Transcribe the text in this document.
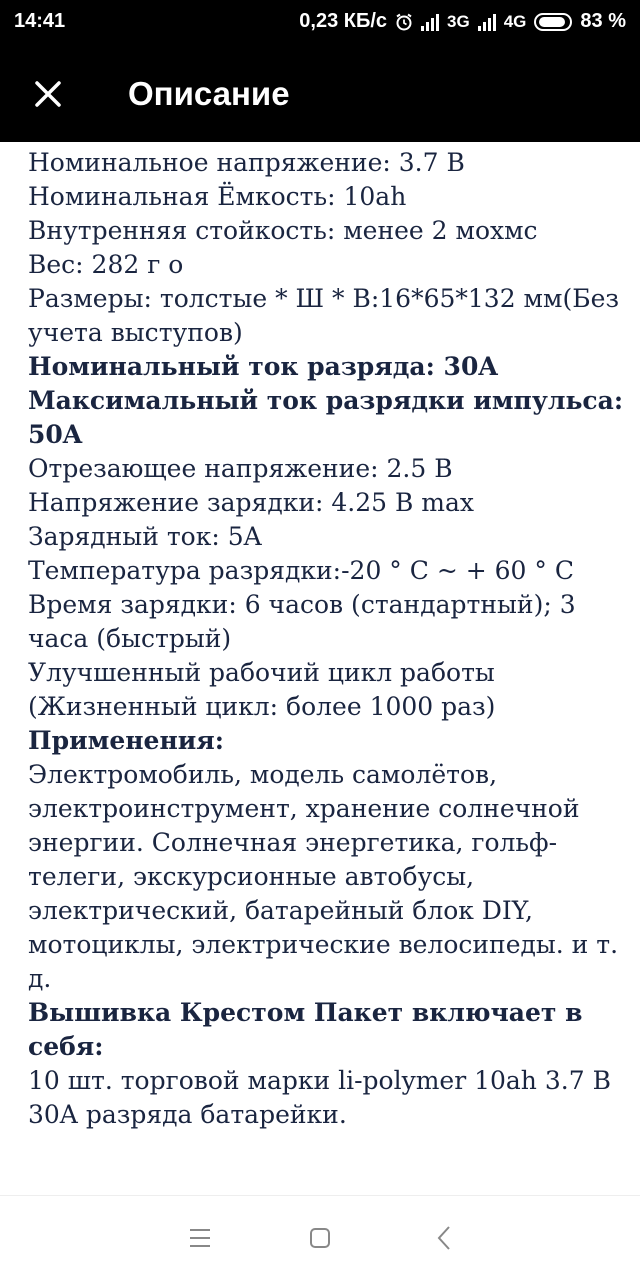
14:41	0,23 КБ/с	3G 4G	83 %
Описание

Номинальное напряжение: 3.7 В

Номинальная Ёмкость: 10ah

Внутренняя стойкость: менее 2 мохмс

Вес: 282 г о

Размеры: толстые * Ш * В:16*65*132 мм(Без учета выступов)

Номинальный ток разряда: 30A

Максимальный ток разрядки импульса: 50A

Отрезающее напряжение: 2.5 В

Напряжение зарядки: 4.25 В max

Зарядный ток: 5A

Температура разрядки:-20 ° C ~ + 60 ° C

Время зарядки: 6 часов (стандартный); 3 часа (быстрый)

Улучшенный рабочий цикл работы (Жизненный цикл: более 1000 раз)

Применения:

Электромобиль, модель самолётов, электроинструмент, хранение солнечной энергии. Солнечная энергетика, гольф-телеги, экскурсионные автобусы, электрический, батарейный блок DIY, мотоциклы, электрические велосипеды. и т. д.

Вышивка Крестом Пакет включает в себя:

10 шт. торговой марки li-polymer 10ah 3.7 В 30A разряда батарейки.
